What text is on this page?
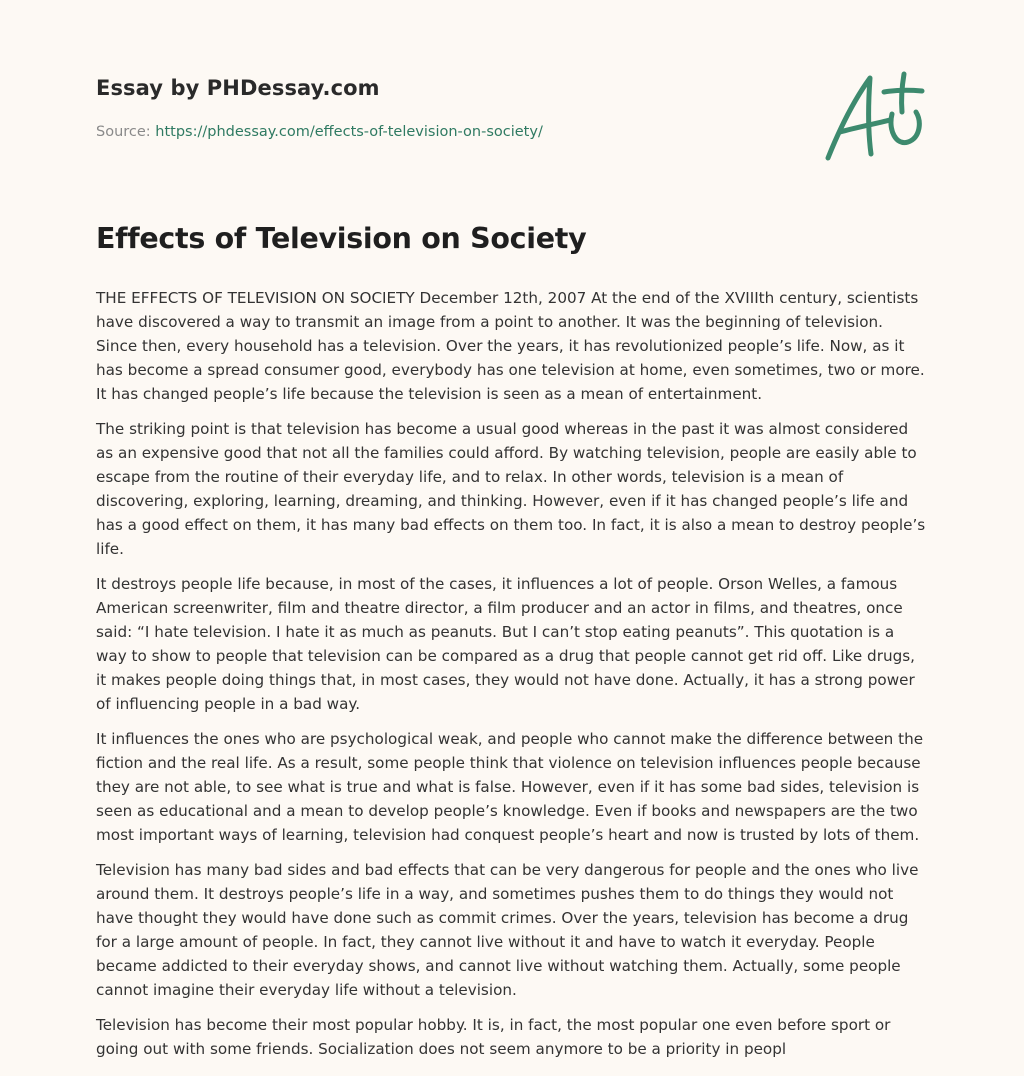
Essay by PHDessay.com
Source: https://phdessay.com/effects-of-television-on-society/
Effects of Television on Society

THE EFFECTS OF TELEVISION ON SOCIETY December 12th, 2007 At the end of the XVIIIth century, scientists have discovered a way to transmit an image from a point to another. It was the beginning of television. Since then, every household has a television. Over the years, it has revolutionized people’s life. Now, as it has become a spread consumer good, everybody has one television at home, even sometimes, two or more. It has changed people’s life because the television is seen as a mean of entertainment.

The striking point is that television has become a usual good whereas in the past it was almost considered as an expensive good that not all the families could afford. By watching television, people are easily able to escape from the routine of their everyday life, and to relax. In other words, television is a mean of discovering, exploring, learning, dreaming, and thinking. However, even if it has changed people’s life and has a good effect on them, it has many bad effects on them too. In fact, it is also a mean to destroy people’s life.

It destroys people life because, in most of the cases, it influences a lot of people. Orson Welles, a famous American screenwriter, film and theatre director, a film producer and an actor in films, and theatres, once said: “I hate television. I hate it as much as peanuts. But I can’t stop eating peanuts”. This quotation is a way to show to people that television can be compared as a drug that people cannot get rid off. Like drugs, it makes people doing things that, in most cases, they would not have done. Actually, it has a strong power of influencing people in a bad way.

It influences the ones who are psychological weak, and people who cannot make the difference between the fiction and the real life. As a result, some people think that violence on television influences people because they are not able, to see what is true and what is false. However, even if it has some bad sides, television is seen as educational and a mean to develop people’s knowledge. Even if books and newspapers are the two most important ways of learning, television had conquest people’s heart and now is trusted by lots of them.

Television has many bad sides and bad effects that can be very dangerous for people and the ones who live around them. It destroys people’s life in a way, and sometimes pushes them to do things they would not have thought they would have done such as commit crimes. Over the years, television has become a drug for a large amount of people. In fact, they cannot live without it and have to watch it everyday. People became addicted to their everyday shows, and cannot live without watching them. Actually, some people cannot imagine their everyday life without a television.

Television has become their most popular hobby. It is, in fact, the most popular one even before sport or going out with some friends. Socialization does not seem anymore to be a priority in peopl
